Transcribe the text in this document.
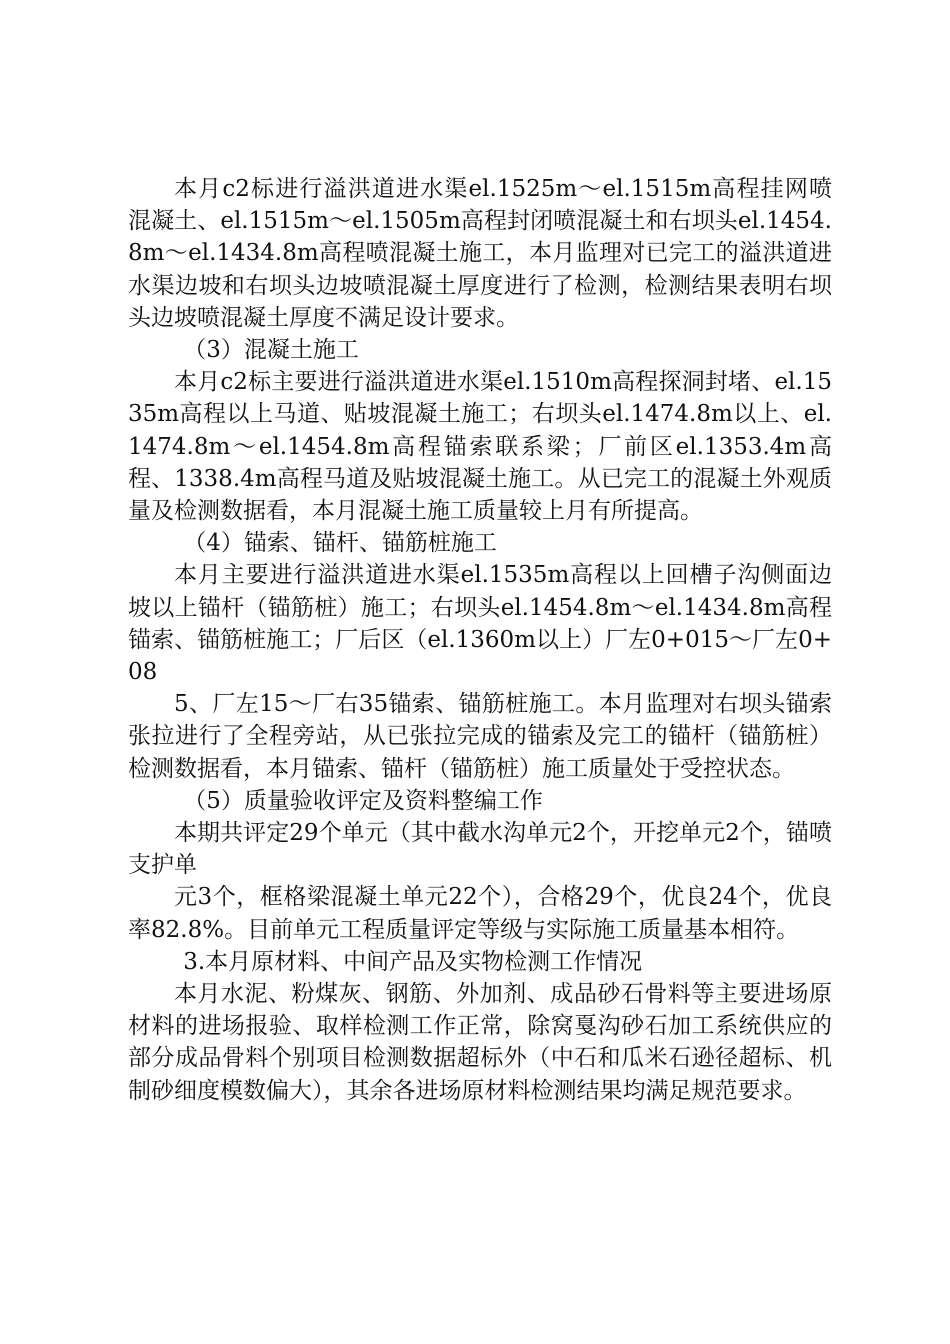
本月c2标进行溢洪道进水渠el.1525m～el.1515m高程挂网喷混凝土、el.1515m～el.1505m高程封闭喷混凝土和右坝头el.1454.8m～el.1434.8m高程喷混凝土施工，本月监理对已完工的溢洪道进水渠边坡和右坝头边坡喷混凝土厚度进行了检测，检测结果表明右坝头边坡喷混凝土厚度不满足设计要求。

（3）混凝土施工

本月c2标主要进行溢洪道进水渠el.1510m高程探洞封堵、el.1535m高程以上马道、贴坡混凝土施工；右坝头el.1474.8m以上、el.1474.8m～el.1454.8m高程锚索联系梁；厂前区el.1353.4m高程、1338.4m高程马道及贴坡混凝土施工。从已完工的混凝土外观质量及检测数据看，本月混凝土施工质量较上月有所提高。

（4）锚索、锚杆、锚筋桩施工

本月主要进行溢洪道进水渠el.1535m高程以上回槽子沟侧面边坡以上锚杆（锚筋桩）施工；右坝头el.1454.8m～el.1434.8m高程锚索、锚筋桩施工；厂后区（el.1360m以上）厂左0+015～厂左0+08

5、厂左15～厂右35锚索、锚筋桩施工。本月监理对右坝头锚索张拉进行了全程旁站，从已张拉完成的锚索及完工的锚杆（锚筋桩）检测数据看，本月锚索、锚杆（锚筋桩）施工质量处于受控状态。

（5）质量验收评定及资料整编工作

本期共评定29个单元（其中截水沟单元2个，开挖单元2个，锚喷支护单

元3个，框格梁混凝土单元22个），合格29个，优良24个，优良率82.8%。目前单元工程质量评定等级与实际施工质量基本相符。

3.本月原材料、中间产品及实物检测工作情况

本月水泥、粉煤灰、钢筋、外加剂、成品砂石骨料等主要进场原材料的进场报验、取样检测工作正常，除窝戛沟砂石加工系统供应的部分成品骨料个别项目检测数据超标外（中石和瓜米石逊径超标、机制砂细度模数偏大），其余各进场原材料检测结果均满足规范要求。
